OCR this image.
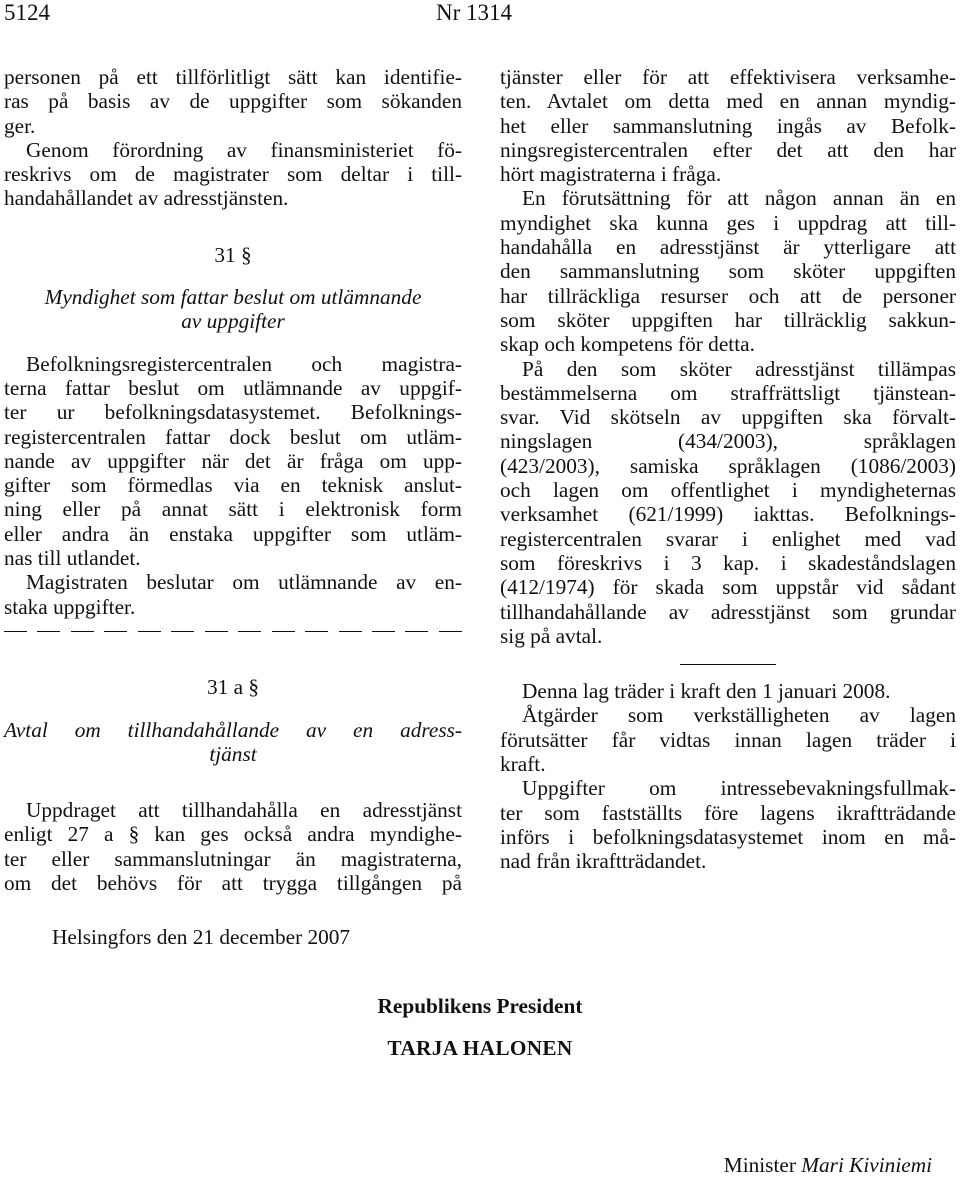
5124	Nr 1314
personen på ett tillförlitligt sätt kan identifie-
ras på basis av de uppgifter som sökanden
ger.
Genom förordning av finansministeriet fö-
reskrivs om de magistrater som deltar i till-
handahållandet av adresstjänsten.
31 §
Myndighet som fattar beslut om utlämnande
av uppgifter
Befolkningsregistercentralen och magistra-
terna fattar beslut om utlämnande av uppgif-
ter ur befolkningsdatasystemet. Befolknings-
registercentralen fattar dock beslut om utläm-
nande av uppgifter när det är fråga om upp-
gifter som förmedlas via en teknisk anslut-
ning eller på annat sätt i elektronisk form
eller andra än enstaka uppgifter som utläm-
nas till utlandet.
Magistraten beslutar om utlämnande av en-
staka uppgifter.
31 a §
Avtal om tillhandahållande av en adress-
tjänst
Uppdraget att tillhandahålla en adresstjänst
enligt 27 a § kan ges också andra myndighe-
ter eller sammanslutningar än magistraterna,
om det behövs för att trygga tillgången på
tjänster eller för att effektivisera verksamhe-
ten. Avtalet om detta med en annan myndig-
het eller sammanslutning ingås av Befolk-
ningsregistercentralen efter det att den har
hört magistraterna i fråga.
En förutsättning för att någon annan än en
myndighet ska kunna ges i uppdrag att till-
handahålla en adresstjänst är ytterligare att
den sammanslutning som sköter uppgiften
har tillräckliga resurser och att de personer
som sköter uppgiften har tillräcklig sakkun-
skap och kompetens för detta.
På den som sköter adresstjänst tillämpas
bestämmelserna om straffrättsligt tjänstean-
svar. Vid skötseln av uppgiften ska förvalt-
ningslagen (434/2003), språklagen
(423/2003), samiska språklagen (1086/2003)
och lagen om offentlighet i myndigheternas
verksamhet (621/1999) iakttas. Befolknings-
registercentralen svarar i enlighet med vad
som föreskrivs i 3 kap. i skadeståndslagen
(412/1974) för skada som uppstår vid sådant
tillhandahållande av adresstjänst som grundar
sig på avtal.
Denna lag träder i kraft den 1 januari 2008.
Åtgärder som verkställigheten av lagen
förutsätter får vidtas innan lagen träder i
kraft.
Uppgifter om intressebevakningsfullmak-
ter som fastställts före lagens ikraftträdande
införs i befolkningsdatasystemet inom en må-
nad från ikraftträdandet.
Helsingfors den 21 december 2007
Republikens President
TARJA HALONEN
Minister Mari Kiviniemi
